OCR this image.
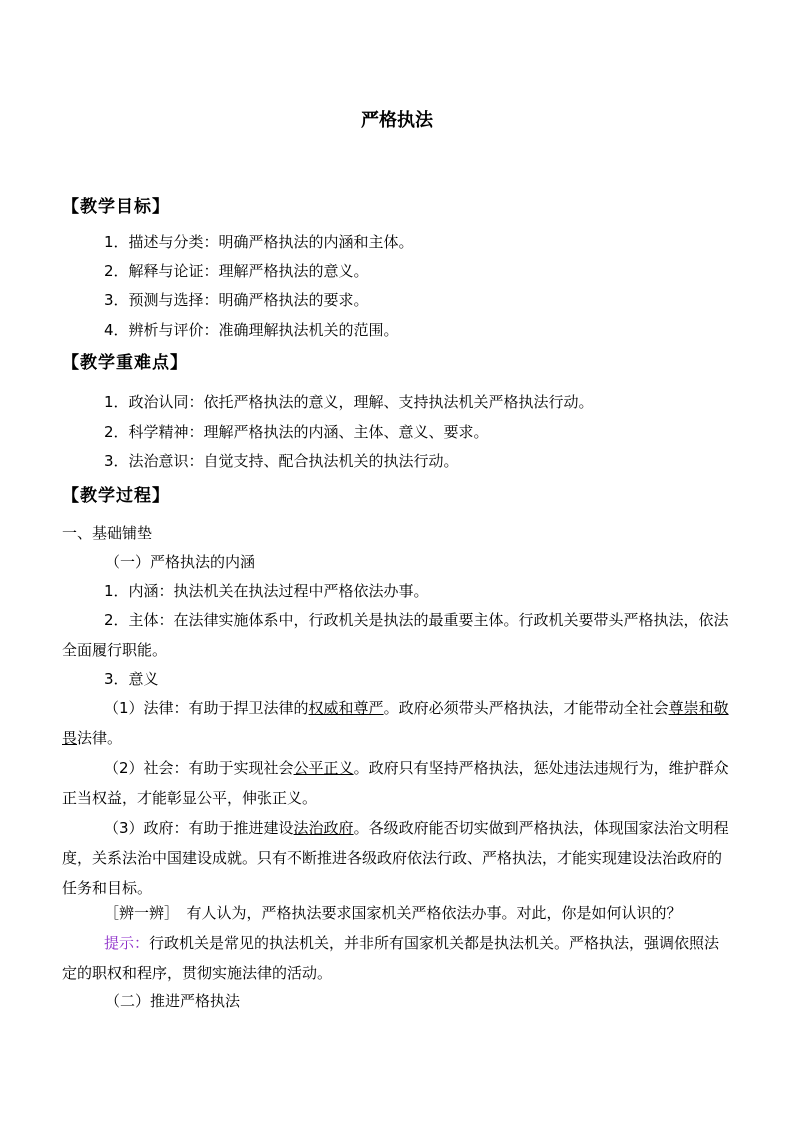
严格执法
【教学目标】
1．描述与分类：明确严格执法的内涵和主体。
2．解释与论证：理解严格执法的意义。
3．预测与选择：明确严格执法的要求。
4．辨析与评价：准确理解执法机关的范围。
【教学重难点】
1．政治认同：依托严格执法的意义，理解、支持执法机关严格执法行动。
2．科学精神：理解严格执法的内涵、主体、意义、要求。
3．法治意识：自觉支持、配合执法机关的执法行动。
【教学过程】
一、基础铺垫
（一）严格执法的内涵
1．内涵：执法机关在执法过程中严格依法办事。
2．主体：在法律实施体系中，行政机关是执法的最重要主体。行政机关要带头严格执法，依法全面履行职能。
3．意义
（1）法律：有助于捍卫法律的权威和尊严。政府必须带头严格执法，才能带动全社会尊崇和敬畏法律。
（2）社会：有助于实现社会公平正义。政府只有坚持严格执法，惩处违法违规行为，维护群众正当权益，才能彰显公平，伸张正义。
（3）政府：有助于推进建设法治政府。各级政府能否切实做到严格执法，体现国家法治文明程度，关系法治中国建设成就。只有不断推进各级政府依法行政、严格执法，才能实现建设法治政府的任务和目标。
［辨一辨］　有人认为，严格执法要求国家机关严格依法办事。对此，你是如何认识的？
提示：行政机关是常见的执法机关，并非所有国家机关都是执法机关。严格执法，强调依照法定的职权和程序，贯彻实施法律的活动。
（二）推进严格执法
